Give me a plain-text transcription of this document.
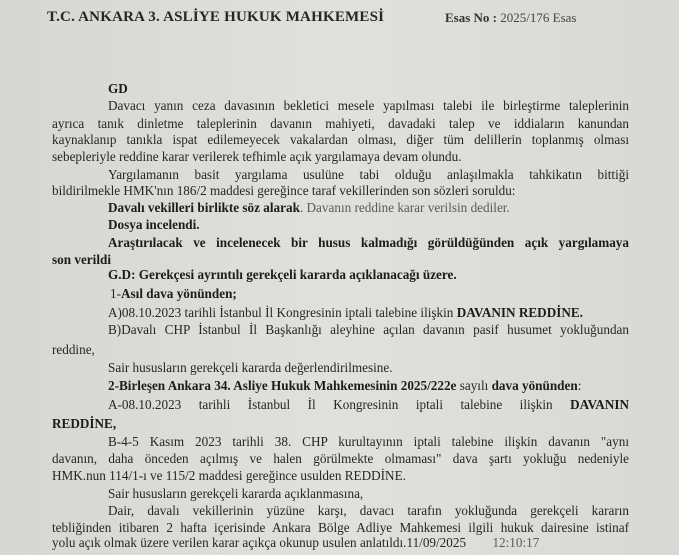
T.C. ANKARA 3. ASLİYE HUKUK MAHKEMESİ	Esas No : 2025/176 Esas
GD
Davacı yanın ceza davasının bekletici mesele yapılması talebi ile birleştirme taleplerinin
ayrıca tanık dinletme taleplerinin davanın mahiyeti, davadaki talep ve iddiaların kanundan
kaynaklanıp tanıkla ispat edilemeyecek vakalardan olması, diğer tüm delillerin toplanmış olması
sebepleriyle reddine karar verilerek tefhimle açık yargılamaya devam olundu.
Yargılamanın basit yargılama usulüne tabi olduğu anlaşılmakla tahkikatın bittiği
bildirilmekle HMK'nın 186/2 maddesi gereğince taraf vekillerinden son sözleri soruldu:
Davalı vekilleri birlikte söz alarak. Davanın reddine karar verilsin dediler.
Dosya incelendi.
Araştırılacak ve incelenecek bir husus kalmadığı görüldüğünden açık yargılamaya
son verildi
G.D: Gerekçesi ayrıntılı gerekçeli kararda açıklanacağı üzere.
1-Asıl dava yönünden;
A)08.10.2023 tarihli İstanbul İl Kongresinin iptali talebine ilişkin DAVANIN REDDİNE.
B)Davalı CHP İstanbul İl Başkanlığı aleyhine açılan davanın pasif husumet yokluğundan
reddine,
Sair hususların gerekçeli kararda değerlendirilmesine.
2-Birleşen Ankara 34. Asliye Hukuk Mahkemesinin 2025/222e sayılı dava yönünden:
A-08.10.2023 tarihli İstanbul İl Kongresinin iptali talebine ilişkin DAVANIN
REDDİNE,
B-4-5 Kasım 2023 tarihli 38. CHP kurultayının iptali talebine ilişkin davanın "aynı
davanın, daha önceden açılmış ve halen görülmekte olmaması" dava şartı yokluğu nedeniyle
HMK.nun 114/1-ı ve 115/2 maddesi gereğince usulden REDDİNE.
Sair hususların gerekçeli kararda açıklanmasına,
Dair, davalı vekillerinin yüzüne karşı, davacı tarafın yokluğunda gerekçeli kararın
tebliğinden itibaren 2 hafta içerisinde Ankara Bölge Adliye Mahkemesi ilgili hukuk dairesine istinaf
yolu açık olmak üzere verilen karar açıkça okunup usulen anlatıldı.11/09/2025        12:10:17
